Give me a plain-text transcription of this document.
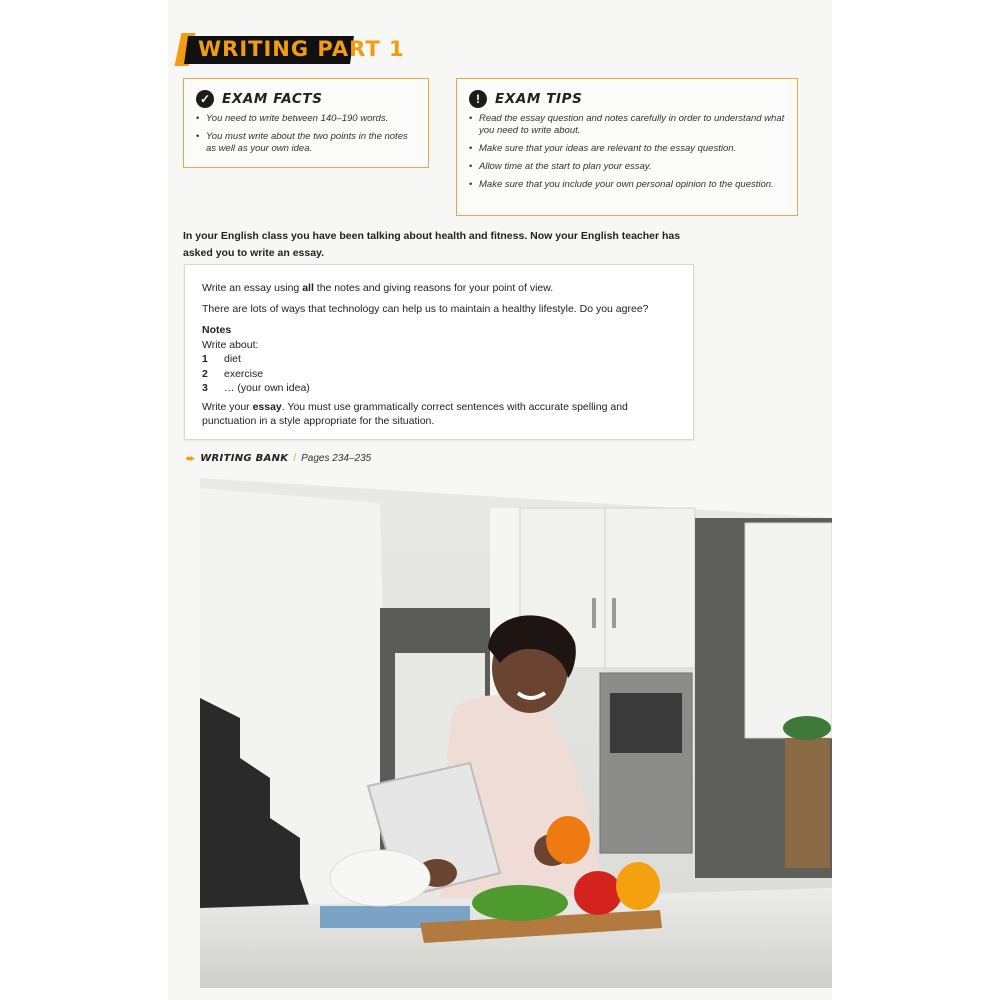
WRITING PART 1
✓ EXAM FACTS
• You need to write between 140–190 words.
• You must write about the two points in the notes as well as your own idea.
!	EXAM TIPS
• Read the essay question and notes carefully in order to understand what you need to write about.
• Make sure that your ideas are relevant to the essay question.
• Allow time at the start to plan your essay.
• Make sure that you include your own personal opinion to the question.
In your English class you have been talking about health and fitness. Now your English teacher has asked you to write an essay.
Write an essay using all the notes and giving reasons for your point of view.
There are lots of ways that technology can help us to maintain a healthy lifestyle. Do you agree?
Notes
Write about:
1	diet
2	exercise
3	… (your own idea)
Write your essay. You must use grammatically correct sentences with accurate spelling and
punctuation in a style appropriate for the situation.
➨ WRITING BANK / Pages 234–235
